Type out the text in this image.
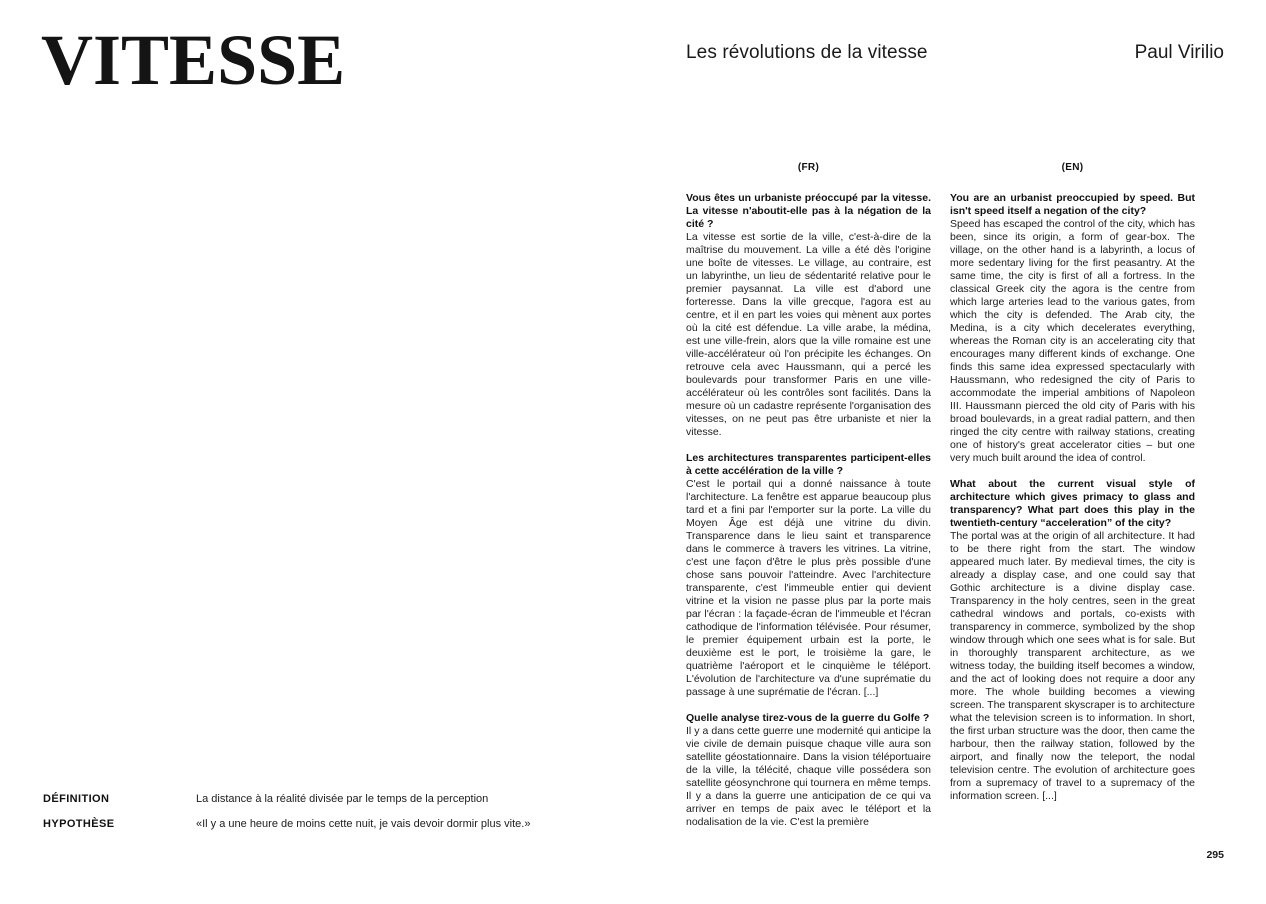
VITESSE	Les révolutions de la vitesse	Paul Virilio
(FR)
Vous êtes un urbaniste préoccupé par la vitesse. La vitesse n'aboutit-elle pas à la négation de la cité ?
La vitesse est sortie de la ville, c'est-à-dire de la maîtrise du mouvement. La ville a été dès l'origine une boîte de vitesses. Le village, au contraire, est un labyrinthe, un lieu de sédentarité relative pour le premier paysannat. La ville est d'abord une forteresse. Dans la ville grecque, l'agora est au centre, et il en part les voies qui mènent aux portes où la cité est défendue. La ville arabe, la médina, est une ville-frein, alors que la ville romaine est une ville-accélérateur où l'on précipite les échanges. On retrouve cela avec Haussmann, qui a percé les boulevards pour transformer Paris en une ville-accélérateur où les contrôles sont facilités. Dans la mesure où un cadastre représente l'organisation des vitesses, on ne peut pas être urbaniste et nier la vitesse.
Les architectures transparentes participent-elles à cette accélération de la ville ?
C'est le portail qui a donné naissance à toute l'architecture. La fenêtre est apparue beaucoup plus tard et a fini par l'emporter sur la porte. La ville du Moyen Âge est déjà une vitrine du divin. Transparence dans le lieu saint et transparence dans le commerce à travers les vitrines. La vitrine, c'est une façon d'être le plus près possible d'une chose sans pouvoir l'atteindre. Avec l'architecture transparente, c'est l'immeuble entier qui devient vitrine et la vision ne passe plus par la porte mais par l'écran : la façade-écran de l'immeuble et l'écran cathodique de l'information télévisée. Pour résumer, le premier équipement urbain est la porte, le deuxième est le port, le troisième la gare, le quatrième l'aéroport et le cinquième le téléport. L'évolution de l'architecture va d'une suprématie du passage à une suprématie de l'écran. [...]
Quelle analyse tirez-vous de la guerre du Golfe ?
Il y a dans cette guerre une modernité qui anticipe la vie civile de demain puisque chaque ville aura son satellite géostationnaire. Dans la vision téléportuaire de la ville, la télécité, chaque ville possédera son satellite géosynchrone qui tournera en même temps. Il y a dans la guerre une anticipation de ce qui va arriver en temps de paix avec le téléport et la nodalisation de la vie. C'est la première
(EN)
You are an urbanist preoccupied by speed. But isn't speed itself a negation of the city?
Speed has escaped the control of the city, which has been, since its origin, a form of gear-box. The village, on the other hand is a labyrinth, a locus of more sedentary living for the first peasantry. At the same time, the city is first of all a fortress. In the classical Greek city the agora is the centre from which large arteries lead to the various gates, from which the city is defended. The Arab city, the Medina, is a city which decelerates everything, whereas the Roman city is an accelerating city that encourages many different kinds of exchange. One finds this same idea expressed spectacularly with Haussmann, who redesigned the city of Paris to accommodate the imperial ambitions of Napoleon III. Haussmann pierced the old city of Paris with his broad boulevards, in a great radial pattern, and then ringed the city centre with railway stations, creating one of history's great accelerator cities – but one very much built around the idea of control.
What about the current visual style of architecture which gives primacy to glass and transparency? What part does this play in the twentieth-century “acceleration” of the city?
The portal was at the origin of all architecture. It had to be there right from the start. The window appeared much later. By medieval times, the city is already a display case, and one could say that Gothic architecture is a divine display case. Transparency in the holy centres, seen in the great cathedral windows and portals, co-exists with transparency in commerce, symbolized by the shop window through which one sees what is for sale. But in thoroughly transparent architecture, as we witness today, the building itself becomes a window, and the act of looking does not require a door any more. The whole building becomes a viewing screen. The transparent skyscraper is to architecture what the television screen is to information. In short, the first urban structure was the door, then came the harbour, then the railway station, followed by the airport, and finally now the teleport, the nodal television centre. The evolution of architecture goes from a supremacy of travel to a supremacy of the information screen. [...]
DÉFINITION	La distance à la réalité divisée par le temps de la perception
HYPOTHÈSE	«Il y a une heure de moins cette nuit, je vais devoir dormir plus vite.»
295
